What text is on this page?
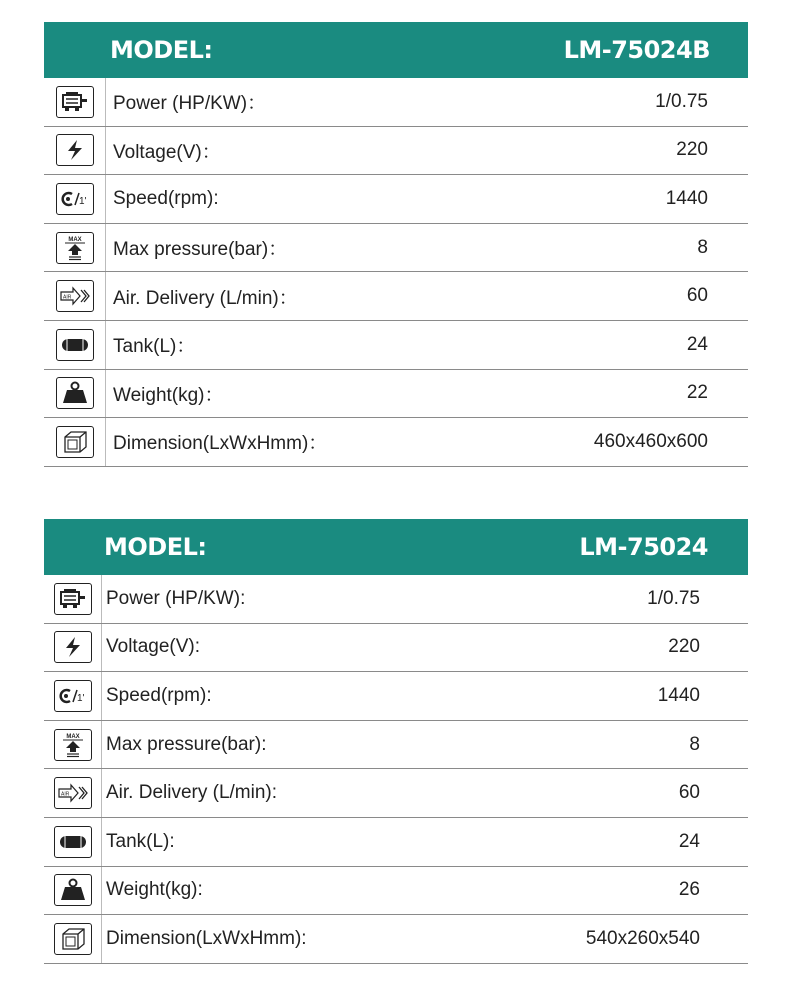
MODEL:	LM-75024B
Power (HP/KW)：	1/0.75
Voltage(V)：	220
1'	Speed(rpm):	1440
MAX	Max pressure(bar)：	8
AIR	Air. Delivery (L/min)：	60
Tank(L)：	24
Weight(kg)：	22
Dimension(LxWxHmm)：	460x460x600
MODEL:	LM-75024
Power (HP/KW):	1/0.75
Voltage(V):	220
1' Speed(rpm):	1440
MAX Max pressure(bar):	8
AIR Air. Delivery (L/min):	60
Tank(L):	24
Weight(kg):	26
Dimension(LxWxHmm):	540x260x540
